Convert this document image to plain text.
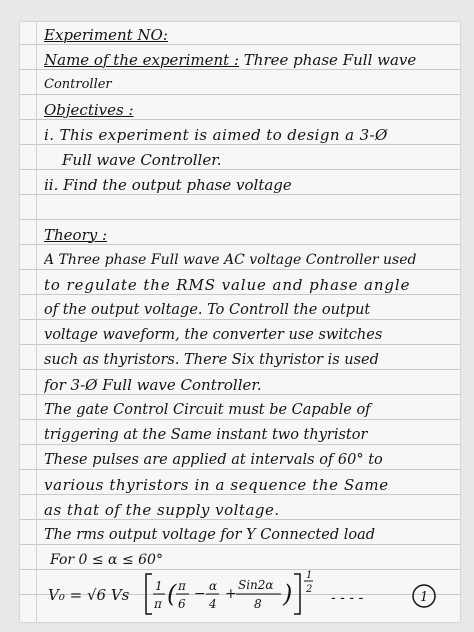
Experiment NO:
Name of the experiment : Three phase Full wave
Controller
Objectives :
i. This experiment is aimed to design a 3-Ø
Full wave Controller.
ii. Find the output phase voltage
Theory :
A Three phase Full wave AC voltage Controller used
to regulate the RMS value and phase angle
of the output voltage. To Controll the output
voltage waveform, the converter use switches
such as thyristors. There Six thyristor is used
for 3-Ø Full wave Controller.
The gate Control Circuit must be Capable of
triggering at the Same instant two thyristor
These pulses are applied at intervals of 60° to
various thyristors in a sequence the Same
as that of the supply voltage.
The rms output voltage for Y Connected load
For 0 ≤ α ≤ 60°
V₀ = √6 Vs 1
π ( π
6
− α
4
+
Sin2α
8 )
1
2
- - - -	1
